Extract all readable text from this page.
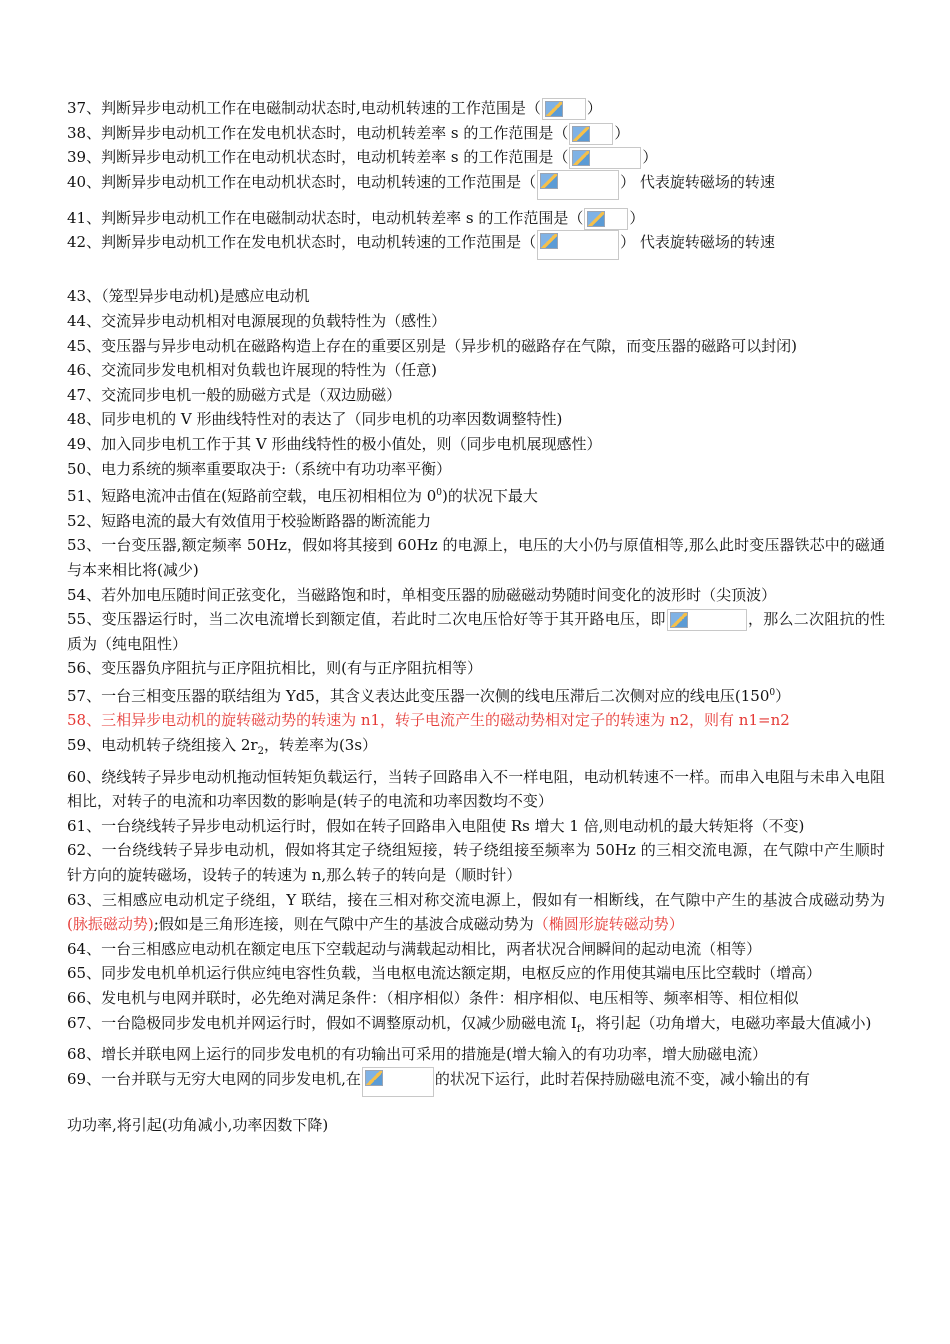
37、判断异步电动机工作在电磁制动状态时,电动机转速的工作范围是（	）
38、判断异步电动机工作在发电机状态时，电动机转差率 s 的工作范围是（	）
39、判断异步电动机工作在电动机状态时，电动机转差率 s 的工作范围是（	）
40、判断异步电动机工作在电动机状态时，电动机转速的工作范围是（	） 代表旋转磁场的转速
41、判断异步电动机工作在电磁制动状态时，电动机转差率 s 的工作范围是（	）
42、判断异步电动机工作在发电机状态时，电动机转速的工作范围是（	） 代表旋转磁场的转速
43、（笼型异步电动机)是感应电动机
44、交流异步电动机相对电源展现的负载特性为（感性）
45、变压器与异步电动机在磁路构造上存在的重要区别是（异步机的磁路存在气隙，而变压器的磁路可以封闭)
46、交流同步发电机相对负载也许展现的特性为（任意)
47、交流同步电机一般的励磁方式是（双边励磁）
48、同步电机的 V 形曲线特性对的表达了（同步电机的功率因数调整特性)
49、加入同步电机工作于其 V 形曲线特性的极小值处，则（同步电机展现感性）
50、电力系统的频率重要取决于:（系统中有功功率平衡）
51、短路电流冲击值在(短路前空载，电压初相相位为 $0^0$)的状况下最大
52、短路电流的最大有效值用于校验断路器的断流能力
53、一台变压器,额定频率 50Hz，假如将其接到 60Hz 的电源上，电压的大小仍与原值相等,那么此时变压器铁芯中的磁通与本来相比将(减少)
54、若外加电压随时间正弦变化，当磁路饱和时，单相变压器的励磁磁动势随时间变化的波形时（尖顶波）
55、变压器运行时，当二次电流增长到额定值，若此时二次电压恰好等于其开路电压，即	，那么二次阻抗的性质为（纯电阻性）
56、变压器负序阻抗与正序阻抗相比，则(有与正序阻抗相等）
57、一台三相变压器的联结组为 Yd5，其含义表达此变压器一次侧的线电压滞后二次侧对应的线电压$(150^0)$
58、三相异步电动机的旋转磁动势的转速为 n1，转子电流产生的磁动势相对定子的转速为 n2，则有 n1=n2
59、电动机转子绕组接入 $2r_2$，转差率为(3s）
60、绕线转子异步电动机拖动恒转矩负载运行，当转子回路串入不一样电阻，电动机转速不一样。而串入电阻与未串入电阻相比，对转子的电流和功率因数的影响是(转子的电流和功率因数均不变）
61、一台绕线转子异步电动机运行时，假如在转子回路串入电阻使 Rs 增大 1 倍,则电动机的最大转矩将（不变)
62、一台绕线转子异步电动机，假如将其定子绕组短接，转子绕组接至频率为 50Hz 的三相交流电源，在气隙中产生顺时针方向的旋转磁场，设转子的转速为 n,那么转子的转向是（顺时针）
63、三相感应电动机定子绕组，Y 联结，接在三相对称交流电源上，假如有一相断线，在气隙中产生的基波合成磁动势为(脉振磁动势);假如是三角形连接，则在气隙中产生的基波合成磁动势为（椭圆形旋转磁动势）
64、一台三相感应电动机在额定电压下空载起动与满载起动相比，两者状况合闸瞬间的起动电流（相等）
65、同步发电机单机运行供应纯电容性负载，当电枢电流达额定期，电枢反应的作用使其端电压比空载时（增高）
66、发电机与电网并联时，必先绝对满足条件：（相序相似）条件：相序相似、电压相等、频率相等、相位相似
67、一台隐极同步发电机并网运行时，假如不调整原动机，仅减少励磁电流 $I_f$，将引起（功角增大，电磁功率最大值减小)
68、增长并联电网上运行的同步发电机的有功输出可采用的措施是(增大输入的有功功率，增大励磁电流）
69、一台并联与无穷大电网的同步发电机,在	的状况下运行，此时若保持励磁电流不变，减小输出的有
功功率,将引起(功角减小,功率因数下降)
